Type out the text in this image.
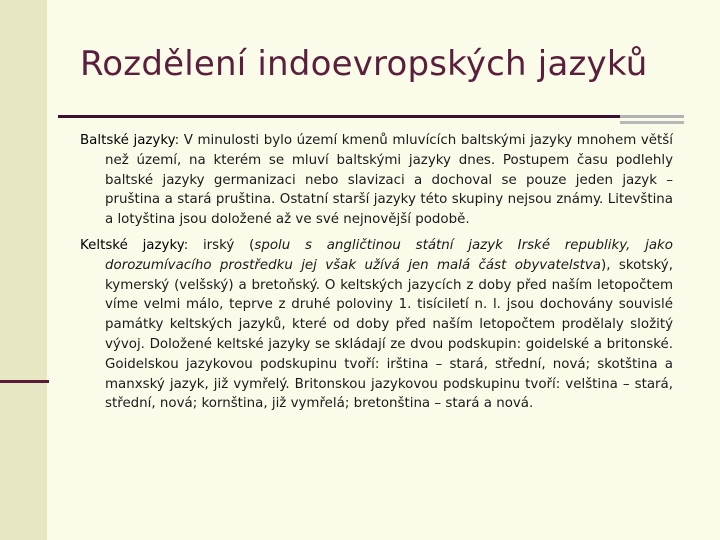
Rozdělení indoevropských jazyků

Baltské jazyky: V minulosti bylo území kmenů mluvících baltskými jazyky mnohem větší než území, na kterém se mluví baltskými jazyky dnes. Postupem času podlehly baltské jazyky germanizaci nebo slavizaci a dochoval se pouze jeden jazyk – pruština a stará pruština. Ostatní starší jazyky této skupiny nejsou známy. Litevština a lotyština jsou doložené až ve své nejnovější podobě.

Keltské jazyky: irský (spolu s angličtinou státní jazyk Irské republiky, jako dorozumívacího prostředku jej však užívá jen malá část obyvatelstva), skotský, kymerský (velšský) a bretoňský. O keltských jazycích z doby před naším letopočtem víme velmi málo, teprve z druhé poloviny 1. tisíciletí n. l. jsou dochovány souvislé památky keltských jazyků, které od doby před naším letopočtem prodělaly složitý vývoj. Doložené keltské jazyky se skládají ze dvou podskupin: goidelské a britonské. Goidelskou jazykovou podskupinu tvoří: irština – stará, střední, nová; skotština a manxský jazyk, již vymřelý. Britonskou jazykovou podskupinu tvoří: velština – stará, střední, nová; kornština, již vymřelá; bretonština – stará a nová.
